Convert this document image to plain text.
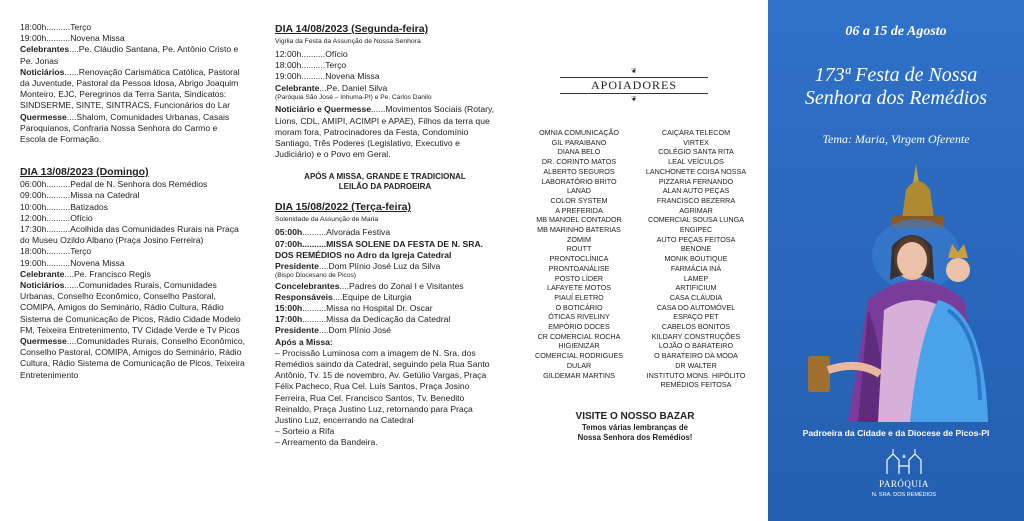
18:00h..........Terço
19:00h..........Novena Missa
Celebrantes....Pe. Cláudio Santana, Pe. Antônio Cristo e Pe. Jonas
Noticiários......Renovação Carismática Católica, Pastoral da Juventude, Pastoral da Pessoa Idosa, Abrigo Joaquim Monteiro, EJC, Peregrinos da Terra Santa, Sindicatos: SINDSERME, SINTE, SINTRACS, Funcionários do Lar
Quermesse....Shalom, Comunidades Urbanas, Casais Paroquianos, Confraria Nossa Senhora do Carmo e Escola de Formação.
DIA 13/08/2023 (Domingo)
06:00h..........Pedal de N. Senhora dos Remédios
09:00h..........Missa na Catedral
10:00h..........Batizados
12:00h..........Ofício
17:30h..........Acolhida das Comunidades Rurais na Praça do Museu Ozildo Albano (Praça Josino Ferreira)
18:00h..........Terço
19:00h..........Novena Missa
Celebrante....Pe. Francisco Regis
Noticiários......Comunidades Rurais, Comunidades Urbanas, Conselho Econômico, Conselho Pastoral, COMIPA, Amigos do Seminário, Rádio Cultura, Rádio Sistema de Comunicação de Picos, Rádio Cidade Modelo FM, Teixeira Entretenimento, TV Cidade Verde e Tv Picos
Quermesse....Comunidades Rurais, Conselho Econômico, Conselho Pastoral, COMIPA, Amigos do Seminário, Rádio Cultura, Rádio Sistema de Comunicação de Picos, Teixeira Entretenimento
DIA 14/08/2023 (Segunda-feira)
Vigília da Festa da Assunção de Nossa Senhora
12:00h..........Ofício
18:00h..........Terço
19:00h..........Novena Missa
Celebrante...Pe. Daniel Silva
(Paróquia São José – Inhuma-PI) e Pe. Carlos Danilo
Noticiário e Quermesse......Movimentos Sociais (Rotary, Lions, CDL, AMIPI, ACIMPI e APAE), Filhos da terra que moram fora, Patrocinadores da Festa, Condomínio Santiago, Três Poderes (Legislativo, Executivo e Judiciário) e o Povo em Geral.
APÓS A MISSA, GRANDE E TRADICIONAL
LEILÃO DA PADROEIRA
DIA 15/08/2022 (Terça-feira)
Solenidade da Assunção de Maria
05:00h..........Alvorada Festiva
07:00h..........MISSA SOLENE DA FESTA DE N. SRA. DOS REMÉDIOS no Adro da Igreja Catedral
Presidente....Dom Plínio José Luz da Silva
(Bispo Diocesano de Picos)
Concelebrantes....Padres do Zonal I e Visitantes
Responsáveis....Equipe de Liturgia
15:00h..........Missa no Hospital Dr. Oscar
17:00h..........Missa da Dedicação da Catedral
Presidente....Dom Plínio José
Após a Missa:
– Procissão Luminosa com a imagem de N. Sra. dos Remédios saindo da Catedral, seguindo pela Rua Santo Antônio, Tv. 15 de novembro, Av. Getúlio Vargas, Praça Félix Pacheco, Rua Cel. Luís Santos, Praça Josino Ferreira, Rua Cel. Francisco Santos, Tv. Benedito Reinaldo, Praça Justino Luz, retornando para Praça Justino Luz, encerrando na Catedral
– Sorteio a Rifa
– Arreamento da Bandeira.
❦
APOIADORES
❦
OMNIA COMUNICAÇÃO
GIL PARAIBANO
DIANA BELO
DR. CORINTO MATOS
ALBERTO SEGUROS
LABORATÓRIO BRITO
LANAD
COLOR SYSTEM
A PREFERIDA
MB MANOEL CONTADOR
MB MARINHO BATERIAS
ZOMIM
ROUTT
PRONTOCLÍNICA
PRONTOANÁLISE
POSTO LÍDER
LAFAYETE MOTOS
PIAUÍ ELETRO
O BOTICÁRIO
ÓTICAS RIVELINY
EMPÓRIO DOCES
CR COMERCIAL ROCHA
HIGIENIZAR
COMERCIAL RODRIGUES
DULAR
GILDEMAR MARTINS
CAIÇARA TELECOM
VIRTEX
COLÉGIO SANTA RITA
LEAL VEÍCULOS
LANCHONETE COISA NOSSA
PIZZARIA FERNANDO
ALAN AUTO PEÇAS
FRANCISCO BEZERRA
AGRIMAR
COMERCIAL SOUSA LUNGA
ENGIPEC
AUTO PEÇAS FEITOSA
BENONE
MONIK BOUTIQUE
FARMÁCIA INÁ
LAMEP
ARTIFICIUM
CASA CLÁUDIA
CASA DO AUTOMÓVEL
ESPAÇO PET
CABELOS BONITOS
KILDARY CONSTRUÇÕES
LOJÃO O BARATEIRO
O BARATEIRO DA MODA
DR WALTER
INSTITUTO MONS. HIPÓLITO
REMÉDIOS FEITOSA
VISITE O NOSSO BAZAR
Temos várias lembranças de
Nossa Senhora dos Remédios!
06 a 15 de Agosto
173ª Festa de Nossa
Senhora dos Remédios
Tema: Maria, Virgem Oferente
Padroeira da Cidade e da Diocese de Picos-PI
PARÓQUIA
N. SRA. DOS REMÉDIOS
